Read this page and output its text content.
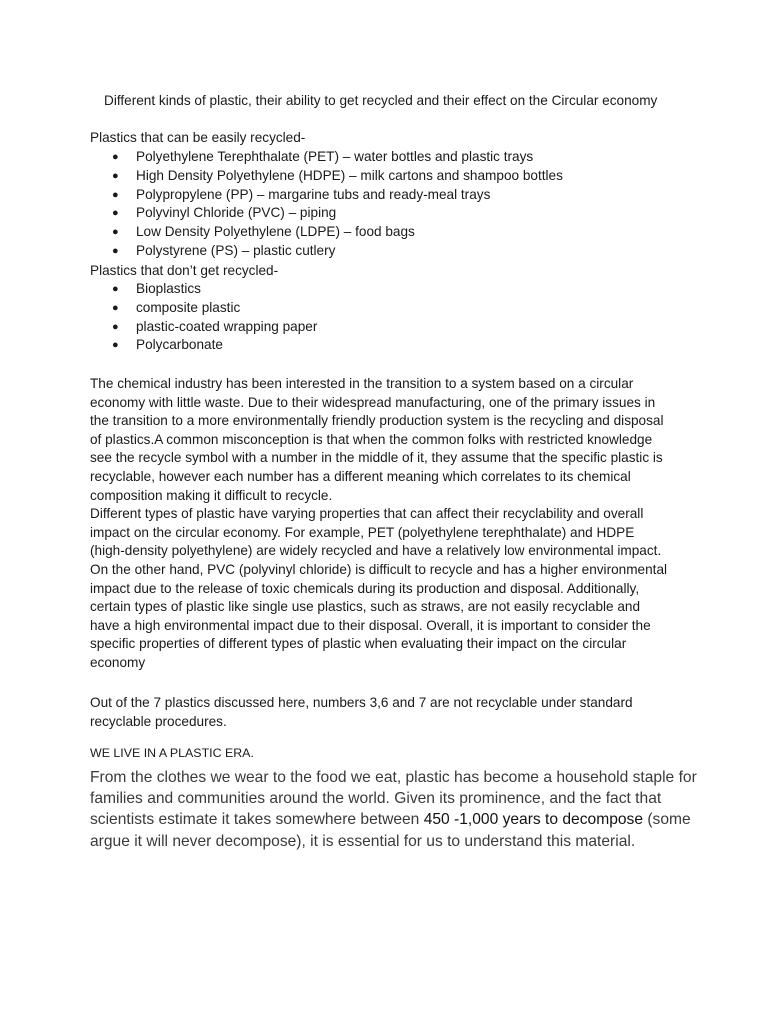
Different kinds of plastic, their ability to get recycled and their effect on the Circular economy
Plastics that can be easily recycled-
● Polyethylene Terephthalate (PET) – water bottles and plastic trays
● High Density Polyethylene (HDPE) – milk cartons and shampoo bottles
● Polypropylene (PP) – margarine tubs and ready-meal trays
● Polyvinyl Chloride (PVC) – piping
● Low Density Polyethylene (LDPE) – food bags
● Polystyrene (PS) – plastic cutlery
Plastics that don’t get recycled-
● Bioplastics
● composite plastic
● plastic-coated wrapping paper
● Polycarbonate
The chemical industry has been interested in the transition to a system based on a circular
economy with little waste. Due to their widespread manufacturing, one of the primary issues in
the transition to a more environmentally friendly production system is the recycling and disposal
of plastics.A common misconception is that when the common folks with restricted knowledge
see the recycle symbol with a number in the middle of it, they assume that the specific plastic is
recyclable, however each number has a different meaning which correlates to its chemical
composition making it difficult to recycle.
Different types of plastic have varying properties that can affect their recyclability and overall
impact on the circular economy. For example, PET (polyethylene terephthalate) and HDPE
(high-density polyethylene) are widely recycled and have a relatively low environmental impact.
On the other hand, PVC (polyvinyl chloride) is difficult to recycle and has a higher environmental
impact due to the release of toxic chemicals during its production and disposal. Additionally,
certain types of plastic like single use plastics, such as straws, are not easily recyclable and
have a high environmental impact due to their disposal. Overall, it is important to consider the
specific properties of different types of plastic when evaluating their impact on the circular
economy
Out of the 7 plastics discussed here, numbers 3,6 and 7 are not recyclable under standard
recyclable procedures.
WE LIVE IN A PLASTIC ERA.
From the clothes we wear to the food we eat, plastic has become a household staple for
families and communities around the world. Given its prominence, and the fact that
scientists estimate it takes somewhere between 450 -1,000 years to decompose (some
argue it will never decompose), it is essential for us to understand this material.
